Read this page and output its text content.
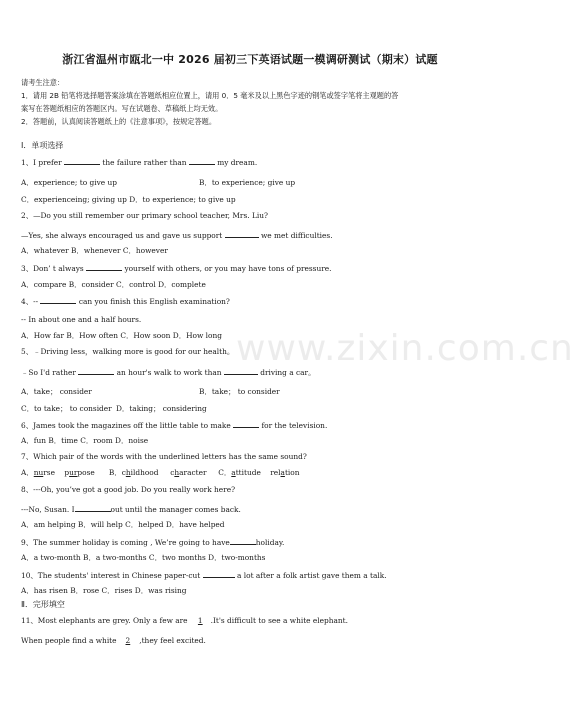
浙江省温州市瓯北一中 2026 届初三下英语试题一模调研测试（期末）试题
请考生注意：
1．请用 2B 铅笔将选择题答案涂填在答题纸相应位置上，请用 0．5 毫米及以上黑色字迹的钢笔或签字笔将主观题的答
案写在答题纸相应的答题区内。写在试题卷、草稿纸上均无效。
2．答题前，认真阅读答题纸上的《注意事项》，按规定答题。
Ⅰ．单项选择
1、I prefer	the failure rather than	my dream.
A．experience; to give up	B．to experience; give up
C．experienceing; giving up D．to experience; to give up
2、—Do you still remember our primary school teacher, Mrs. Liu?
—Yes, she always encouraged us and gave us support	we met difficulties.
A．whatever B．whenever C．however
3、Don’ t always	yourself with others, or you may have tons of pressure.
A．compare B．consider C．control D．complete
4、--	can you finish this English examination?
-- In about one and a half hours.
A．How far B．How often C．How soon D．How long
5、﹣Driving less，walking more is good for our health。
﹣So I'd rather	an hour's walk to work than	driving a car。
A．take； consider	B．take； to consider
C．to take； to consider D．taking； considering
6、James took the magazines off the little table to make	for the television.
A．fun B．time C．room D．noise
7、Which pair of the words with the underlined letters has the same sound?
A．nurse purpose B．childhood character C．attitude relation
8、---Oh, you’ve got a good job. Do you really work here?
---No, Susan. I	out until the manager comes back.
A．am helping B．will help C．helped D．have helped
9、The summer holiday is coming , We’re going to have	holiday.
A．a two-month B．a two-months C．two months D．two-months
10、The students' interest in Chinese paper-cut	a lot after a folk artist gave them a talk.
A．has risen B．rose C．rises D．was rising
Ⅱ．完形填空
11、Most elephants are grey. Only a few are 1 .It's difficult to see a white elephant.
When people find a white 2 ,they feel excited.
www.zixin.com.cn
